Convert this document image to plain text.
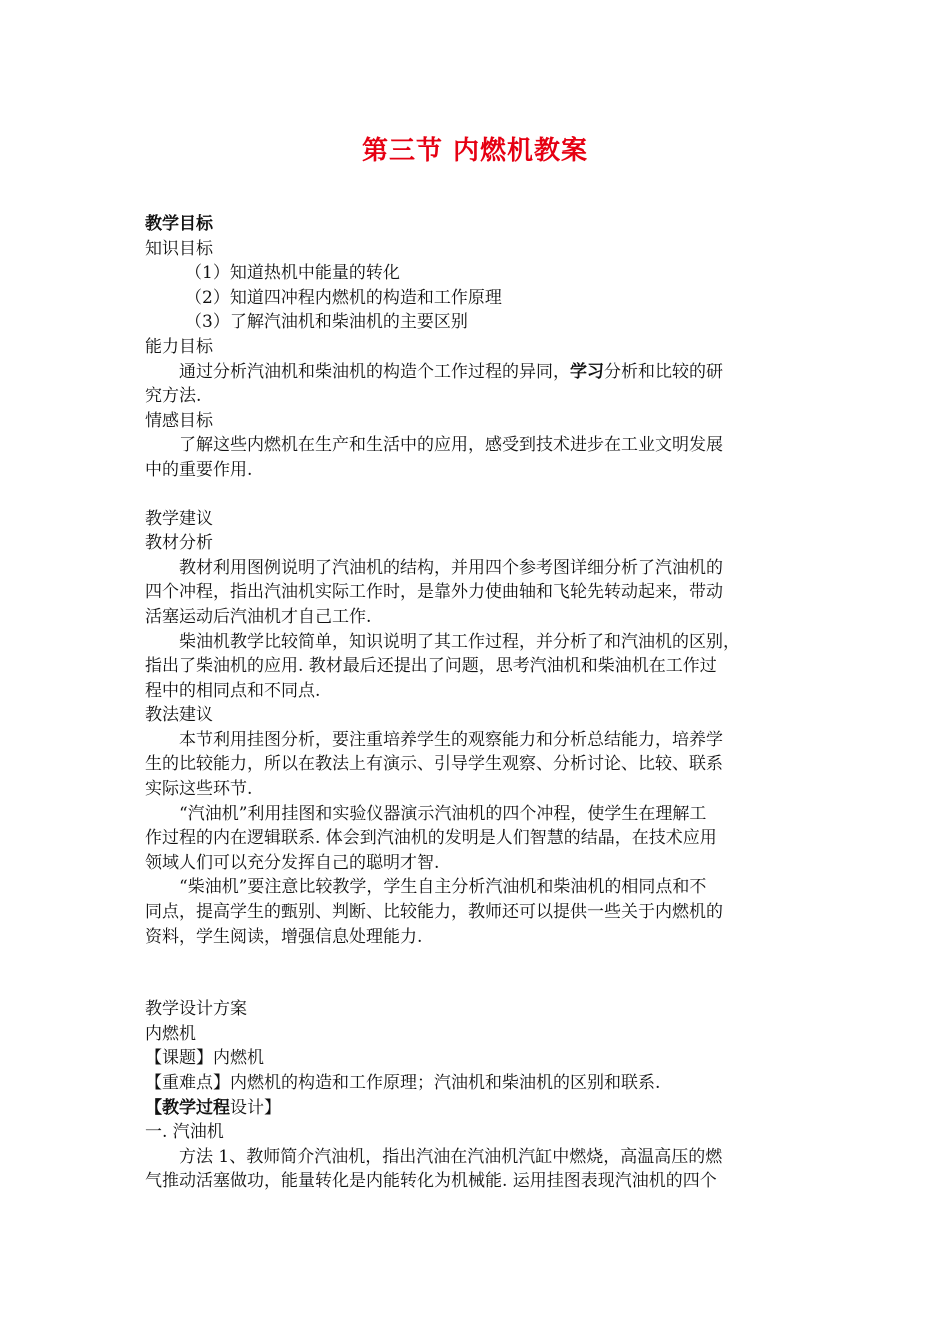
第三节 内燃机教案
教学目标
知识目标
（1）知道热机中能量的转化
（2）知道四冲程内燃机的构造和工作原理
（3）了解汽油机和柴油机的主要区别
能力目标
通过分析汽油机和柴油机的构造个工作过程的异同，学习分析和比较的研
究方法.
情感目标
了解这些内燃机在生产和生活中的应用，感受到技术进步在工业文明发展
中的重要作用.
教学建议
教材分析
教材利用图例说明了汽油机的结构，并用四个参考图详细分析了汽油机的
四个冲程，指出汽油机实际工作时，是靠外力使曲轴和飞轮先转动起来，带动
活塞运动后汽油机才自己工作.
柴油机教学比较简单，知识说明了其工作过程，并分析了和汽油机的区别，
指出了柴油机的应用. 教材最后还提出了问题，思考汽油机和柴油机在工作过
程中的相同点和不同点.
教法建议
本节利用挂图分析，要注重培养学生的观察能力和分析总结能力，培养学
生的比较能力，所以在教法上有演示、引导学生观察、分析讨论、比较、联系
实际这些环节.
“汽油机”利用挂图和实验仪器演示汽油机的四个冲程，使学生在理解工
作过程的内在逻辑联系. 体会到汽油机的发明是人们智慧的结晶，在技术应用
领域人们可以充分发挥自己的聪明才智.
“柴油机”要注意比较教学，学生自主分析汽油机和柴油机的相同点和不
同点，提高学生的甄别、判断、比较能力，教师还可以提供一些关于内燃机的
资料，学生阅读，增强信息处理能力.
教学设计方案
内燃机
【课题】内燃机
【重难点】内燃机的构造和工作原理；汽油机和柴油机的区别和联系.
【教学过程设计】
一. 汽油机
方法 1、教师简介汽油机，指出汽油在汽油机汽缸中燃烧，高温高压的燃
气推动活塞做功，能量转化是内能转化为机械能. 运用挂图表现汽油机的四个
